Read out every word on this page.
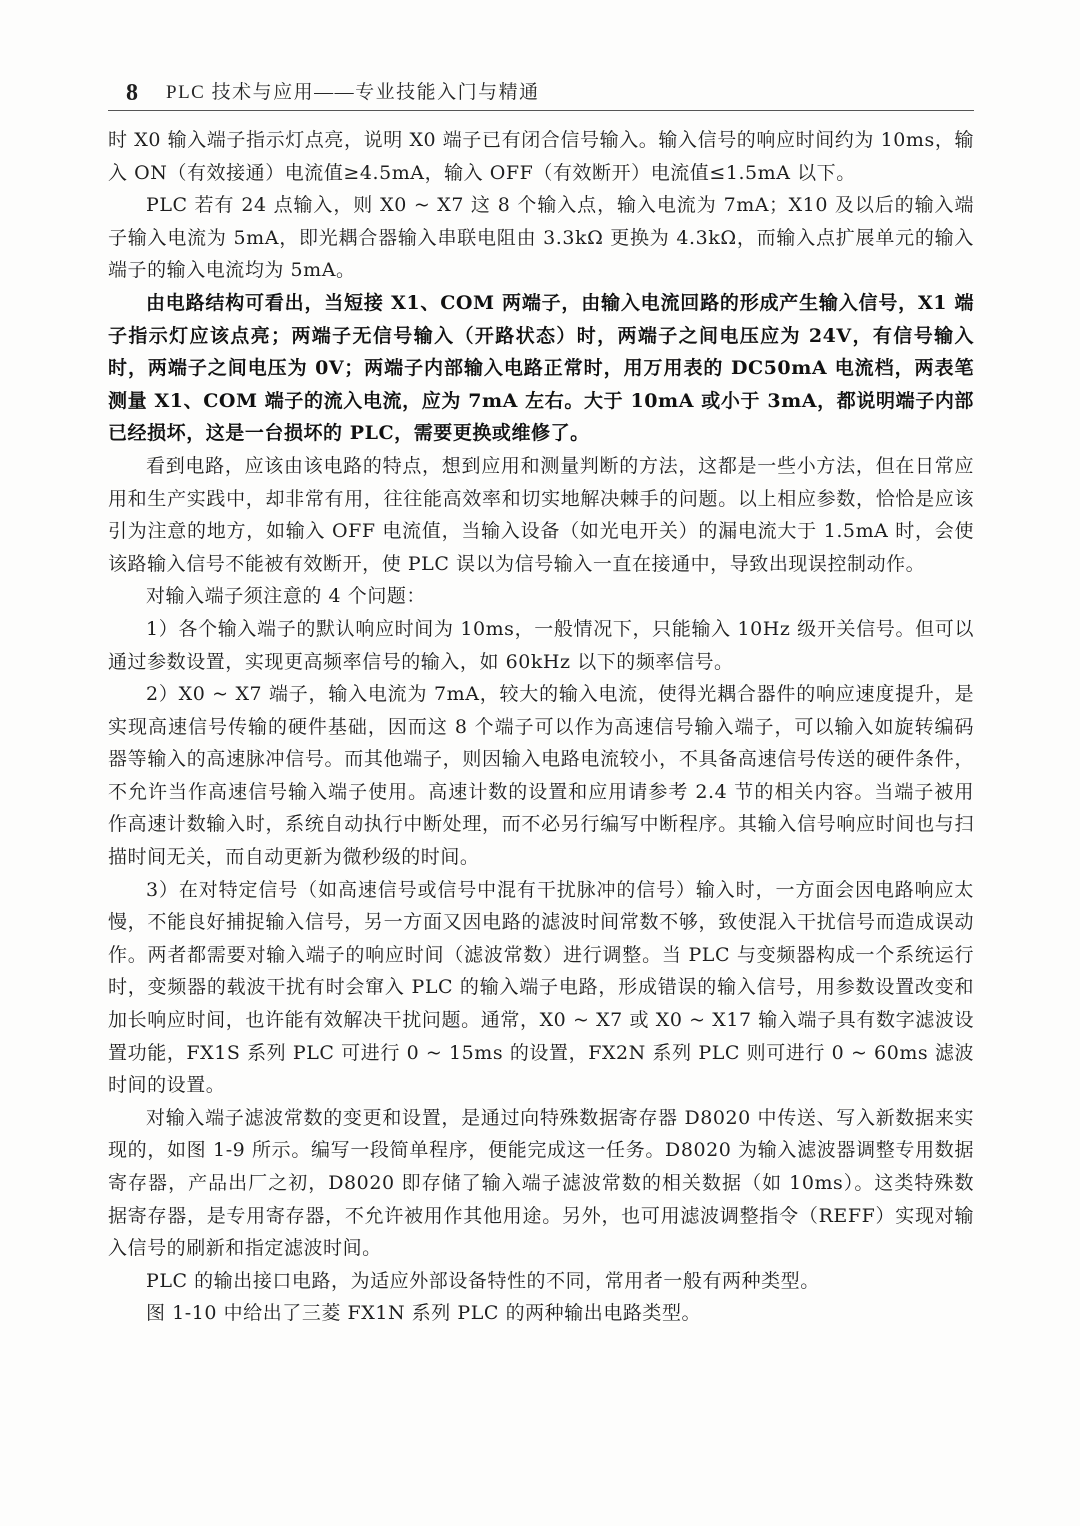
8 PLC 技术与应用——专业技能入门与精通

时 X0 输入端子指示灯点亮，说明 X0 端子已有闭合信号输入。输入信号的响应时间约为 10ms，输入 ON（有效接通）电流值≥4.5mA，输入 OFF（有效断开）电流值≤1.5mA 以下。

PLC 若有 24 点输入，则 X0 ~ X7 这 8 个输入点，输入电流为 7mA；X10 及以后的输入端子输入电流为 5mA，即光耦合器输入串联电阻由 3.3kΩ 更换为 4.3kΩ，而输入点扩展单元的输入端子的输入电流均为 5mA。

由电路结构可看出，当短接 X1、COM 两端子，由输入电流回路的形成产生输入信号，X1 端子指示灯应该点亮；两端子无信号输入（开路状态）时，两端子之间电压应为 24V，有信号输入时，两端子之间电压为 0V；两端子内部输入电路正常时，用万用表的 DC50mA 电流档，两表笔测量 X1、COM 端子的流入电流，应为 7mA 左右。大于 10mA 或小于 3mA，都说明端子内部已经损坏，这是一台损坏的 PLC，需要更换或维修了。

看到电路，应该由该电路的特点，想到应用和测量判断的方法，这都是一些小方法，但在日常应用和生产实践中，却非常有用，往往能高效率和切实地解决棘手的问题。以上相应参数，恰恰是应该引为注意的地方，如输入 OFF 电流值，当输入设备（如光电开关）的漏电流大于 1.5mA 时，会使该路输入信号不能被有效断开，使 PLC 误以为信号输入一直在接通中，导致出现误控制动作。

对输入端子须注意的 4 个问题：

1）各个输入端子的默认响应时间为 10ms，一般情况下，只能输入 10Hz 级开关信号。但可以通过参数设置，实现更高频率信号的输入，如 60kHz 以下的频率信号。

2）X0 ~ X7 端子，输入电流为 7mA，较大的输入电流，使得光耦合器件的响应速度提升，是实现高速信号传输的硬件基础，因而这 8 个端子可以作为高速信号输入端子，可以输入如旋转编码器等输入的高速脉冲信号。而其他端子，则因输入电路电流较小，不具备高速信号传送的硬件条件，不允许当作高速信号输入端子使用。高速计数的设置和应用请参考 2.4 节的相关内容。当端子被用作高速计数输入时，系统自动执行中断处理，而不必另行编写中断程序。其输入信号响应时间也与扫描时间无关，而自动更新为微秒级的时间。

3）在对特定信号（如高速信号或信号中混有干扰脉冲的信号）输入时，一方面会因电路响应太慢，不能良好捕捉输入信号，另一方面又因电路的滤波时间常数不够，致使混入干扰信号而造成误动作。两者都需要对输入端子的响应时间（滤波常数）进行调整。当 PLC 与变频器构成一个系统运行时，变频器的载波干扰有时会窜入 PLC 的输入端子电路，形成错误的输入信号，用参数设置改变和加长响应时间，也许能有效解决干扰问题。通常，X0 ~ X7 或 X0 ~ X17 输入端子具有数字滤波设置功能，FX1S 系列 PLC 可进行 0 ~ 15ms 的设置，FX2N 系列 PLC 则可进行 0 ~ 60ms 滤波时间的设置。

对输入端子滤波常数的变更和设置，是通过向特殊数据寄存器 D8020 中传送、写入新数据来实现的，如图 1-9 所示。编写一段简单程序，便能完成这一任务。D8020 为输入滤波器调整专用数据寄存器，产品出厂之初，D8020 即存储了输入端子滤波常数的相关数据（如 10ms）。这类特殊数据寄存器，是专用寄存器，不允许被用作其他用途。另外，也可用滤波调整指令（REFF）实现对输入信号的刷新和指定滤波时间。

PLC 的输出接口电路，为适应外部设备特性的不同，常用者一般有两种类型。

图 1-10 中给出了三菱 FX1N 系列 PLC 的两种输出电路类型。
